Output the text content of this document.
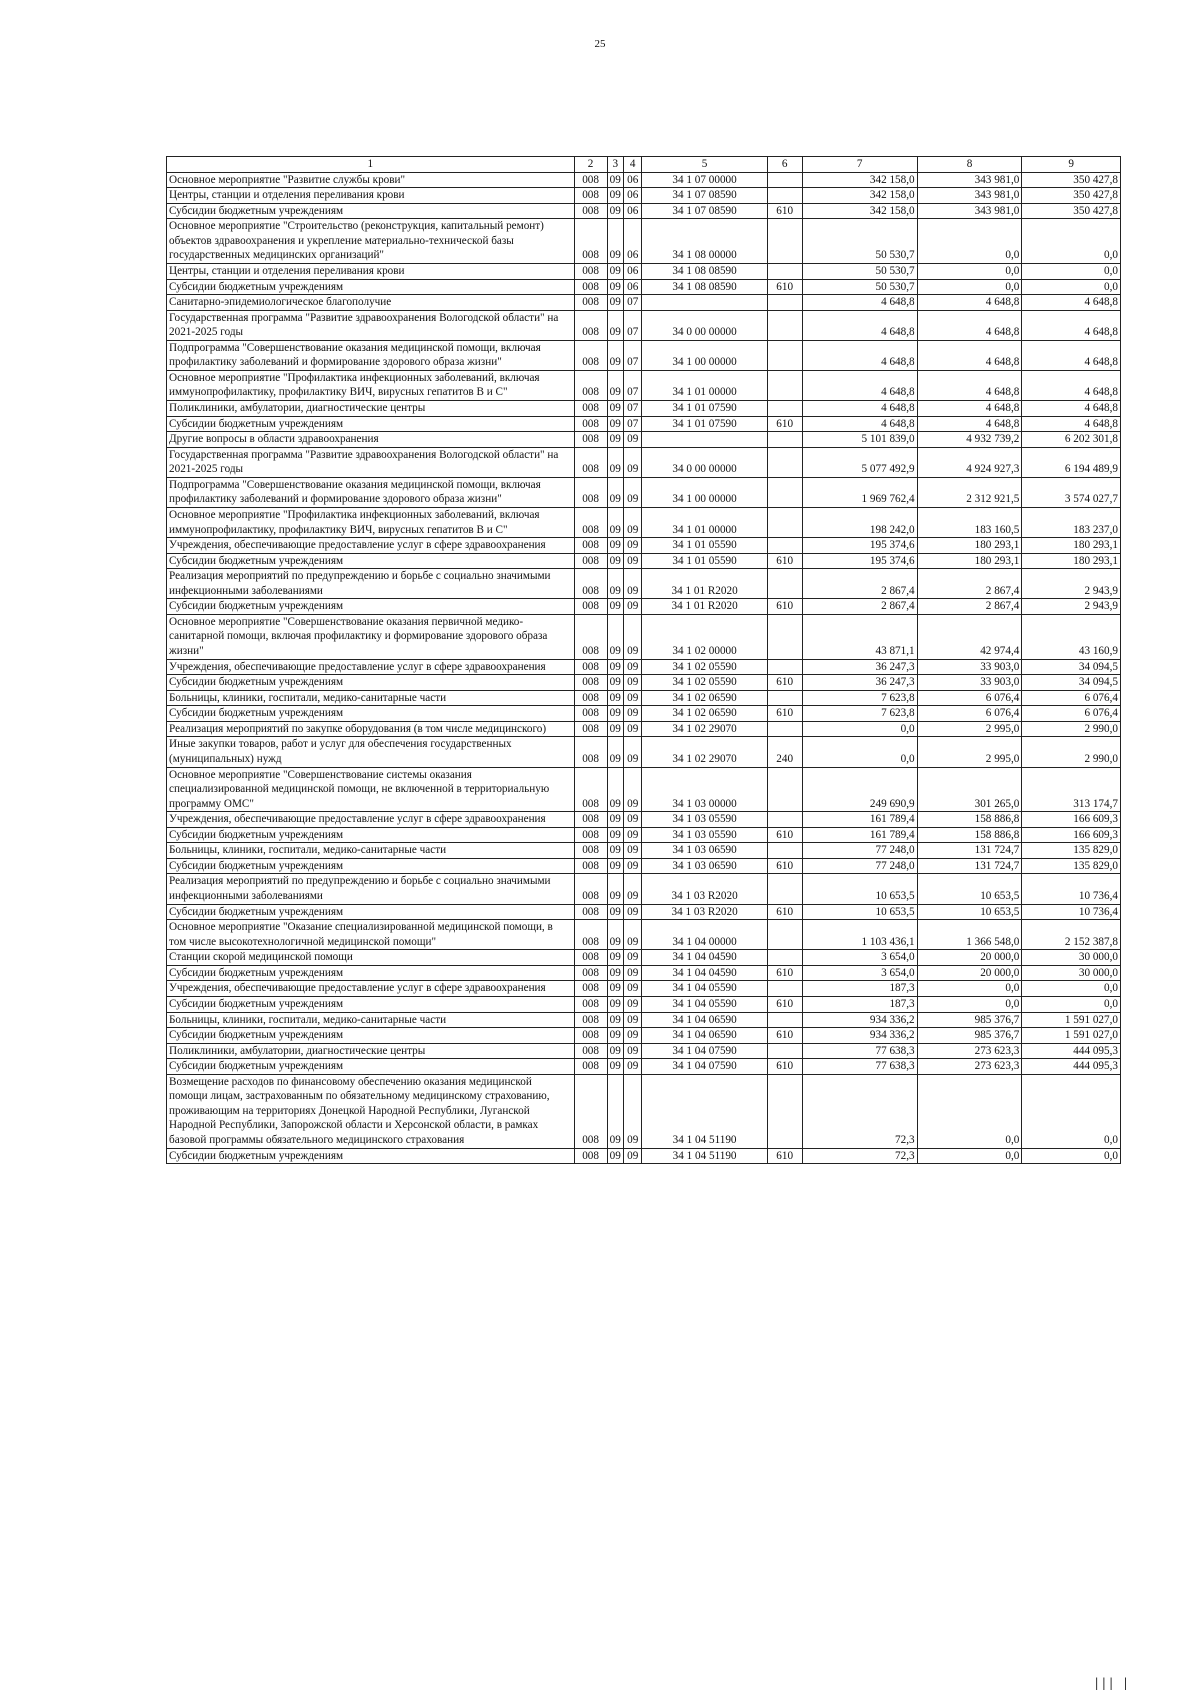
25
1	2	3	4	5	6	7	8	9
Основное мероприятие "Развитие службы крови"	008	09	06	34 1 07 00000		342 158,0	343 981,0	350 427,8
Центры, станции и отделения переливания крови	008	09	06	34 1 07 08590		342 158,0	343 981,0	350 427,8
Субсидии бюджетным учреждениям	008	09	06	34 1 07 08590	610	342 158,0	343 981,0	350 427,8
Основное мероприятие "Строительство (реконструкция, капитальный ремонт) объектов здравоохранения и укрепление материально-технической базы государственных медицинских организаций"	008	09	06	34 1 08 00000		50 530,7	0,0	0,0
Центры, станции и отделения переливания крови	008	09	06	34 1 08 08590		50 530,7	0,0	0,0
Субсидии бюджетным учреждениям	008	09	06	34 1 08 08590	610	50 530,7	0,0	0,0
Санитарно-эпидемиологическое благополучие	008	09	07			4 648,8	4 648,8	4 648,8
Государственная программа "Развитие здравоохранения Вологодской области" на 2021-2025 годы	008	09	07	34 0 00 00000		4 648,8	4 648,8	4 648,8
Подпрограмма "Совершенствование оказания медицинской помощи, включая профилактику заболеваний и формирование здорового образа жизни"	008	09	07	34 1 00 00000		4 648,8	4 648,8	4 648,8
Основное мероприятие "Профилактика инфекционных заболеваний, включая иммунопрофилактику, профилактику ВИЧ, вирусных гепатитов В и С"	008	09	07	34 1 01 00000		4 648,8	4 648,8	4 648,8
Поликлиники, амбулатории, диагностические центры	008	09	07	34 1 01 07590		4 648,8	4 648,8	4 648,8
Субсидии бюджетным учреждениям	008	09	07	34 1 01 07590	610	4 648,8	4 648,8	4 648,8
Другие вопросы в области здравоохранения	008	09	09			5 101 839,0	4 932 739,2	6 202 301,8
Государственная программа "Развитие здравоохранения Вологодской области" на 2021-2025 годы	008	09	09	34 0 00 00000		5 077 492,9	4 924 927,3	6 194 489,9
Подпрограмма "Совершенствование оказания медицинской помощи, включая профилактику заболеваний и формирование здорового образа жизни"	008	09	09	34 1 00 00000		1 969 762,4	2 312 921,5	3 574 027,7
Основное мероприятие "Профилактика инфекционных заболеваний, включая иммунопрофилактику, профилактику ВИЧ, вирусных гепатитов В и С"	008	09	09	34 1 01 00000		198 242,0	183 160,5	183 237,0
Учреждения, обеспечивающие предоставление услуг в сфере здравоохранения	008	09	09	34 1 01 05590		195 374,6	180 293,1	180 293,1
Субсидии бюджетным учреждениям	008	09	09	34 1 01 05590	610	195 374,6	180 293,1	180 293,1
Реализация мероприятий по предупреждению и борьбе с социально значимыми инфекционными заболеваниями	008	09	09	34 1 01 R2020		2 867,4	2 867,4	2 943,9
Субсидии бюджетным учреждениям	008	09	09	34 1 01 R2020	610	2 867,4	2 867,4	2 943,9
Основное мероприятие "Совершенствование оказания первичной медико-санитарной помощи, включая профилактику и формирование здорового образа жизни"	008	09	09	34 1 02 00000		43 871,1	42 974,4	43 160,9
Учреждения, обеспечивающие предоставление услуг в сфере здравоохранения	008	09	09	34 1 02 05590		36 247,3	33 903,0	34 094,5
Субсидии бюджетным учреждениям	008	09	09	34 1 02 05590	610	36 247,3	33 903,0	34 094,5
Больницы, клиники, госпитали, медико-санитарные части	008	09	09	34 1 02 06590		7 623,8	6 076,4	6 076,4
Субсидии бюджетным учреждениям	008	09	09	34 1 02 06590	610	7 623,8	6 076,4	6 076,4
Реализация мероприятий по закупке оборудования (в том числе медицинского)	008	09	09	34 1 02 29070		0,0	2 995,0	2 990,0
Иные закупки товаров, работ и услуг для обеспечения государственных (муниципальных) нужд	008	09	09	34 1 02 29070	240	0,0	2 995,0	2 990,0
Основное мероприятие "Совершенствование системы оказания специализированной медицинской помощи, не включенной в территориальную программу ОМС"	008	09	09	34 1 03 00000		249 690,9	301 265,0	313 174,7
Учреждения, обеспечивающие предоставление услуг в сфере здравоохранения	008	09	09	34 1 03 05590		161 789,4	158 886,8	166 609,3
Субсидии бюджетным учреждениям	008	09	09	34 1 03 05590	610	161 789,4	158 886,8	166 609,3
Больницы, клиники, госпитали, медико-санитарные части	008	09	09	34 1 03 06590		77 248,0	131 724,7	135 829,0
Субсидии бюджетным учреждениям	008	09	09	34 1 03 06590	610	77 248,0	131 724,7	135 829,0
Реализация мероприятий по предупреждению и борьбе с социально значимыми инфекционными заболеваниями	008	09	09	34 1 03 R2020		10 653,5	10 653,5	10 736,4
Субсидии бюджетным учреждениям	008	09	09	34 1 03 R2020	610	10 653,5	10 653,5	10 736,4
Основное мероприятие "Оказание специализированной медицинской помощи, в том числе высокотехнологичной медицинской помощи"	008	09	09	34 1 04 00000		1 103 436,1	1 366 548,0	2 152 387,8
Станции скорой медицинской помощи	008	09	09	34 1 04 04590		3 654,0	20 000,0	30 000,0
Субсидии бюджетным учреждениям	008	09	09	34 1 04 04590	610	3 654,0	20 000,0	30 000,0
Учреждения, обеспечивающие предоставление услуг в сфере здравоохранения	008	09	09	34 1 04 05590		187,3	0,0	0,0
Субсидии бюджетным учреждениям	008	09	09	34 1 04 05590	610	187,3	0,0	0,0
Больницы, клиники, госпитали, медико-санитарные части	008	09	09	34 1 04 06590		934 336,2	985 376,7	1 591 027,0
Субсидии бюджетным учреждениям	008	09	09	34 1 04 06590	610	934 336,2	985 376,7	1 591 027,0
Поликлиники, амбулатории, диагностические центры	008	09	09	34 1 04 07590		77 638,3	273 623,3	444 095,3
Субсидии бюджетным учреждениям	008	09	09	34 1 04 07590	610	77 638,3	273 623,3	444 095,3
Возмещение расходов по финансовому обеспечению оказания медицинской помощи лицам, застрахованным по обязательному медицинскому страхованию, проживающим на территориях Донецкой Народной Республики, Луганской Народной Республики, Запорожской области и Херсонской области, в рамках базовой программы обязательного медицинского страхования	008	09	09	34 1 04 51190		72,3	0,0	0,0
Субсидии бюджетным учреждениям	008	09	09	34 1 04 51190	610	72,3	0,0	0,0
||| |
